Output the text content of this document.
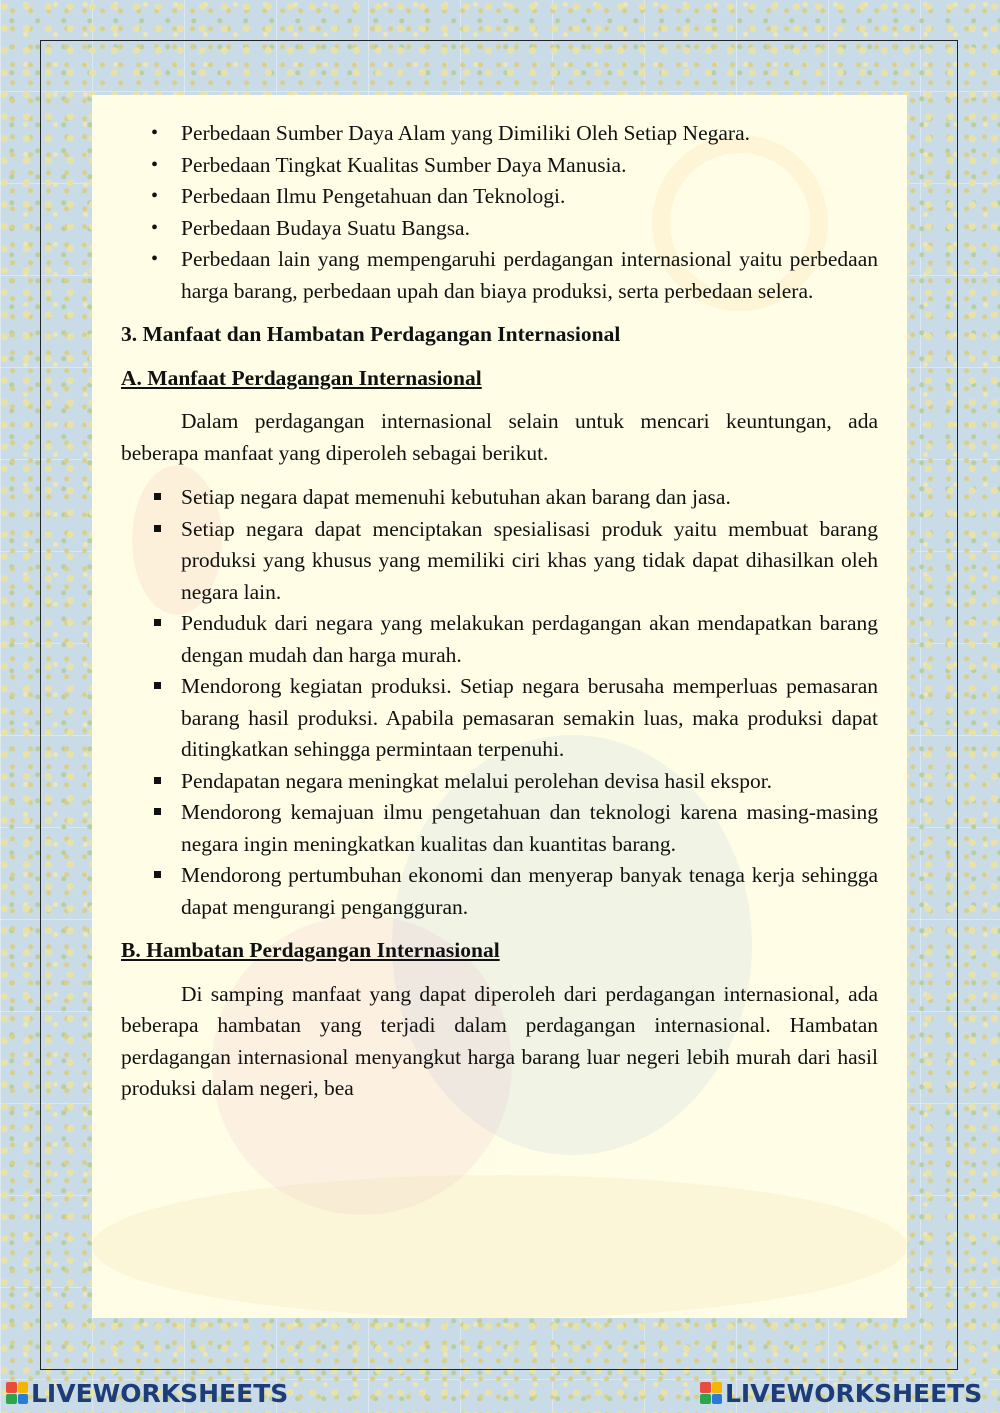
• Perbedaan Sumber Daya Alam yang Dimiliki Oleh Setiap Negara.
• Perbedaan Tingkat Kualitas Sumber Daya Manusia.
• Perbedaan Ilmu Pengetahuan dan Teknologi.
• Perbedaan Budaya Suatu Bangsa.
• Perbedaan lain yang mempengaruhi perdagangan internasional yaitu perbedaan harga barang, perbedaan upah dan biaya produksi, serta perbedaan selera.
3. Manfaat dan Hambatan Perdagangan Internasional
A. Manfaat Perdagangan Internasional

Dalam perdagangan internasional selain untuk mencari keuntungan, ada beberapa manfaat yang diperoleh sebagai berikut.

Setiap negara dapat memenuhi kebutuhan akan barang dan jasa.
Setiap negara dapat menciptakan spesialisasi produk yaitu membuat barang produksi yang khusus yang memiliki ciri khas yang tidak dapat dihasilkan oleh negara lain.
Penduduk dari negara yang melakukan perdagangan akan mendapatkan barang dengan mudah dan harga murah.
Mendorong kegiatan produksi. Setiap negara berusaha memperluas pemasaran barang hasil produksi. Apabila pemasaran semakin luas, maka produksi dapat ditingkatkan sehingga permintaan terpenuhi.
Pendapatan negara meningkat melalui perolehan devisa hasil ekspor.
Mendorong kemajuan ilmu pengetahuan dan teknologi karena masing-masing negara ingin meningkatkan kualitas dan kuantitas barang.
Mendorong pertumbuhan ekonomi dan menyerap banyak tenaga kerja sehingga dapat mengurangi pengangguran.
B. Hambatan Perdagangan Internasional

Di samping manfaat yang dapat diperoleh dari perdagangan internasional, ada beberapa hambatan yang terjadi dalam perdagangan internasional. Hambatan perdagangan internasional menyangkut harga barang luar negeri lebih murah dari hasil produksi dalam negeri, bea

LIVEWORKSHEETS	LIVEWORKSHEETS
